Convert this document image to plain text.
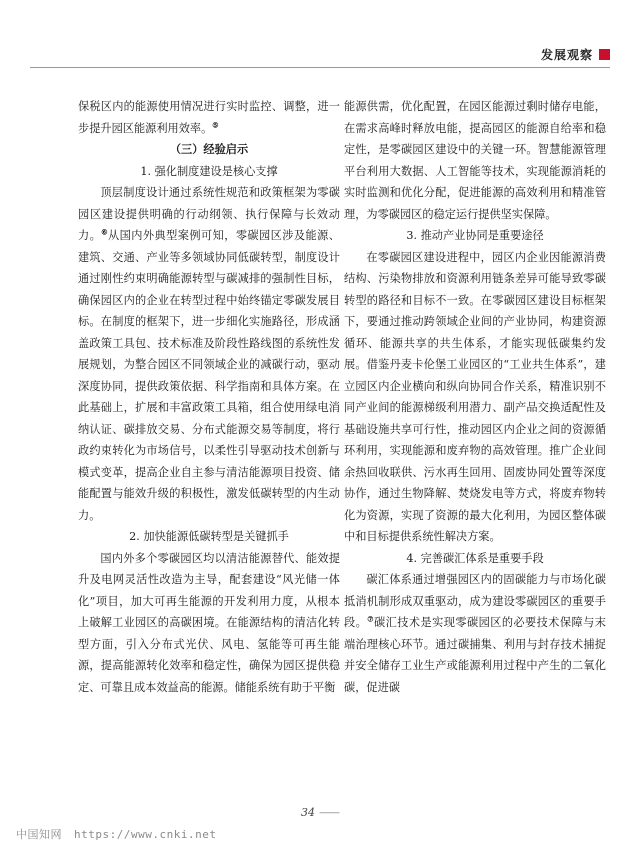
发展观察

保税区内的能源使用情况进行实时监控、调整，进一步提升园区能源利用效率。⑤

（三）经验启示
1. 强化制度建设是核心支撑

顶层制度设计通过系统性规范和政策框架为零碳园区建设提供明确的行动纲领、执行保障与长效动力。⑥从国内外典型案例可知，零碳园区涉及能源、建筑、交通、产业等多领域协同低碳转型，制度设计通过刚性约束明确能源转型与碳减排的强制性目标，确保园区内的企业在转型过程中始终锚定零碳发展目标。在制度的框架下，进一步细化实施路径，形成涵盖政策工具包、技术标准及阶段性路线图的系统性发展规划，为整合园区不同领域企业的减碳行动，驱动深度协同，提供政策依据、科学指南和具体方案。在此基础上，扩展和丰富政策工具箱，组合使用绿电消纳认证、碳排放交易、分布式能源交易等制度，将行政约束转化为市场信号，以柔性引导驱动技术创新与模式变革，提高企业自主参与清洁能源项目投资、储能配置与能效升级的积极性，激发低碳转型的内生动力。

2. 加快能源低碳转型是关键抓手

国内外多个零碳园区均以清洁能源替代、能效提升及电网灵活性改造为主导，配套建设“风光储一体化”项目，加大可再生能源的开发利用力度，从根本上破解工业园区的高碳困境。在能源结构的清洁化转型方面，引入分布式光伏、风电、氢能等可再生能源，提高能源转化效率和稳定性，确保为园区提供稳定、可靠且成本效益高的能源。储能系统有助于平衡

能源供需，优化配置，在园区能源过剩时储存电能，在需求高峰时释放电能，提高园区的能源自给率和稳定性，是零碳园区建设中的关键一环。智慧能源管理平台利用大数据、人工智能等技术，实现能源消耗的实时监测和优化分配，促进能源的高效利用和精准管理，为零碳园区的稳定运行提供坚实保障。

3. 推动产业协同是重要途径

在零碳园区建设进程中，园区内企业因能源消费结构、污染物排放和资源利用链条差异可能导致零碳转型的路径和目标不一致。在零碳园区建设目标框架下，要通过推动跨领域企业间的产业协同，构建资源循环、能源共享的共生体系，才能实现低碳集约发展。借鉴丹麦卡伦堡工业园区的“工业共生体系”，建立园区内企业横向和纵向协同合作关系，精准识别不同产业间的能源梯级利用潜力、副产品交换适配性及基础设施共享可行性，推动园区内企业之间的资源循环利用，实现能源和废弃物的高效管理。推广企业间余热回收联供、污水再生回用、固废协同处置等深度协作，通过生物降解、焚烧发电等方式，将废弃物转化为资源，实现了资源的最大化利用，为园区整体碳中和目标提供系统性解决方案。

4. 完善碳汇体系是重要手段

碳汇体系通过增强园区内的固碳能力与市场化碳抵消机制形成双重驱动，成为建设零碳园区的重要手段。⑦碳汇技术是实现零碳园区的必要技术保障与末端治理核心环节。通过碳捕集、利用与封存技术捕捉并安全储存工业生产或能源利用过程中产生的二氧化碳，促进碳

34 ——
中国知网 https://www.cnki.net
